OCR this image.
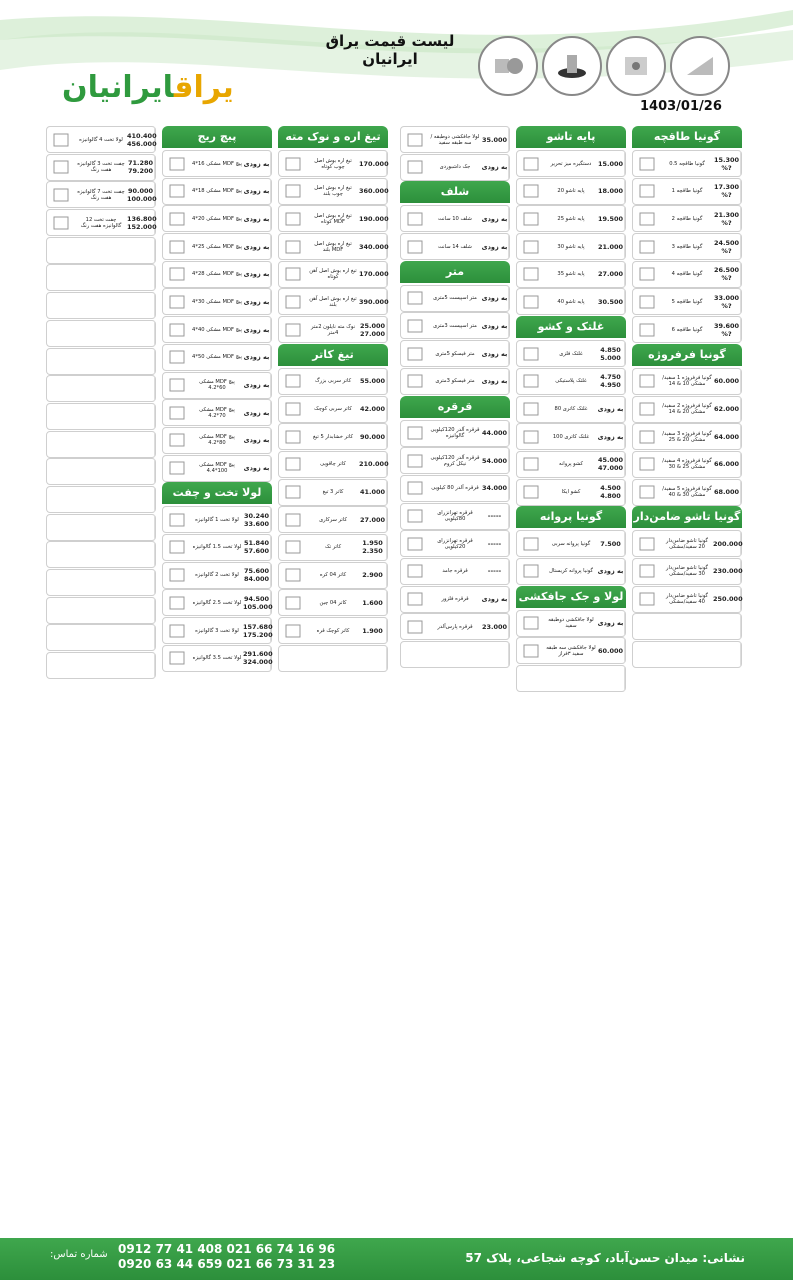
یراقایرانیان
لیست قیمت یراق ایرانیان
1403/01/26
گونیا طاقچه
15.300
%?
گونیا طاقچه 0.5
17.300
%?
گونیا طاقچه 1
21.300
%?
گونیا طاقچه 2
24.500
%?
گونیا طاقچه 3
26.500
%?
گونیا طاقچه 4
33.000
%?
گونیا طاقچه 5
39.600
%?
گونیا طاقچه 6
گونیا فرفروژه
60.000
گونیا فرفروژه 1 سفید/مشکی 10 & 14
62.000
گونیا فرفروژه 2 سفید/مشکی 20 & 14
64.000
گونیا فرفروژه 3 سفید/مشکی 20 & 25
66.000
گونیا فرفروژه 4 سفید/مشکی 25 & 30
68.000
گونیا فرفروژه 5 سفید/مشکی 30 & 40
گونیا تاشو ضامن‌دار
200.000
گونیا تاشو ضامن‌دار 20 سفید/مشکی
230.000
گونیا تاشو ضامن‌دار 30 سفید/مشکی
250.000
گونیا تاشو ضامن‌دار 40 سفید/مشکی
پایه تاشو
15.000
دستگیره میز تحریر
18.000
پایه تاشو 20
19.500
پایه تاشو 25
21.000
پایه تاشو 30
27.000
پایه تاشو 35
30.500
پایه تاشو 40
غلتک و کشو
4.850
5.000
غلتک فلزی
4.750
4.950
غلتک پلاستیکی
به زودی
غلتک کاتری 80
به زودی
غلتک کاتری 100
45.000
47.000
کشو پروانه
4.500
4.800
کشو ایکا
گونیا پروانه
7.500
گونیا پروانه سربی
به زودی
گونیا پروانه کریستال
لولا و جک جافکشی
به زودی
لولا جافکشی دوطبقه سفید
60.000
لولا جافکشی سه طبقه سفید ۳فراز
35.000
لولا جافکشی دوطبقه / سه طبقه سفید
به زودی
جک داشبوردی
شلف
به زودی
شلف 10 سانت
به زودی
شلف 14 سانت
متر
به زودی
متر اسپیست 5متری
به زودی
متر اسپیست 3متری
به زودی
متر فیسکو 5متری
به زودی
متر فیسکو 3متری
قرقره
44.000
قرقره آلدر 120کیلویی گالوانیزه
54.000
قرقره آلدر 120کیلویی نیکل کروم
34.000
قرقره آلدر 80 کیلویی
-----
قرقره تهرانزرای 80کیلویی
-----
قرقره تهرانزرای 20کیلویی
-----
قرقره جامد
به زودی
قرقره فلزور
23.000
قرقره پارس‌آلدر
تیغ اره و نوک مته
170.000
تیغ اره بوش اصل چوب کوتاه
360.000
تیغ اره بوش اصل چوب بلند
190.000
تیغ اره بوش اصل MDF کوتاه
340.000
تیغ اره بوش اصل MDF بلند
170.000
تیغ اره بوش اصل آهن کوتاه
390.000
تیغ اره بوش اصل آهن بلند
25.000
27.000
نوک مته نایلون 2متر 4متر
تیغ کاتر
55.000
کاتر سربی بزرگ
42.000
کاتر سربی کوچک
90.000
کاتر خشابدار 5 تیغ
210.000
کاتر چاقویی
41.000
کاتر 3 تیغ
27.000
کاتر سرکاری
1.950
2.350
کاتر تک
2.900
کاتر 04 کره
1.600
کاتر 04 چین
1.900
کاتر کوچک قره
پیچ ریج
به زودی
پیچ MDF مشکی 16*4
به زودی
پیچ MDF مشکی 18*4
به زودی
پیچ MDF مشکی 20*4
به زودی
پیچ MDF مشکی 25*4
به زودی
پیچ MDF مشکی 28*4
به زودی
پیچ MDF مشکی 30*4
به زودی
پیچ MDF مشکی 40*4
به زودی
پیچ MDF مشکی 50*4
به زودی
پیچ MDF مشکی 60*4.2
به زودی
پیچ MDF مشکی 70*4.2
به زودی
پیچ MDF مشکی 80*4.2
به زودی
پیچ MDF مشکی 100*4.4
لولا تخت و چفت
30.240
33.600
لولا تخت 1 گالوانیزه
51.840
57.600
لولا تخت 1.5 گالوانیزه
75.600
84.000
لولا تخت 2 گالوانیزه
94.500
105.000
لولا تخت 2.5 گالوانیزه
157.680
175.200
لولا تخت 3 گالوانیزه
291.600
324.000
لولا تخت 3.5 گالوانیزه
410.400
456.000
لولا تخت 4 گالوانیزه
71.280
79.200
چفت تخت 3 گالوانیزه هفت رنگ
90.000
100.000
چفت تخت 7 گالوانیزه هفت رنگ
136.800
152.000
چفت تخت 12 گالوانیزه هفت رنگ
نشانی: میدان حسن‌آباد، کوچه شجاعی، پلاک 57
0912 77 41 408 021 66 74 16 96
0920 63 44 659 021 66 73 31 23
شماره تماس:
